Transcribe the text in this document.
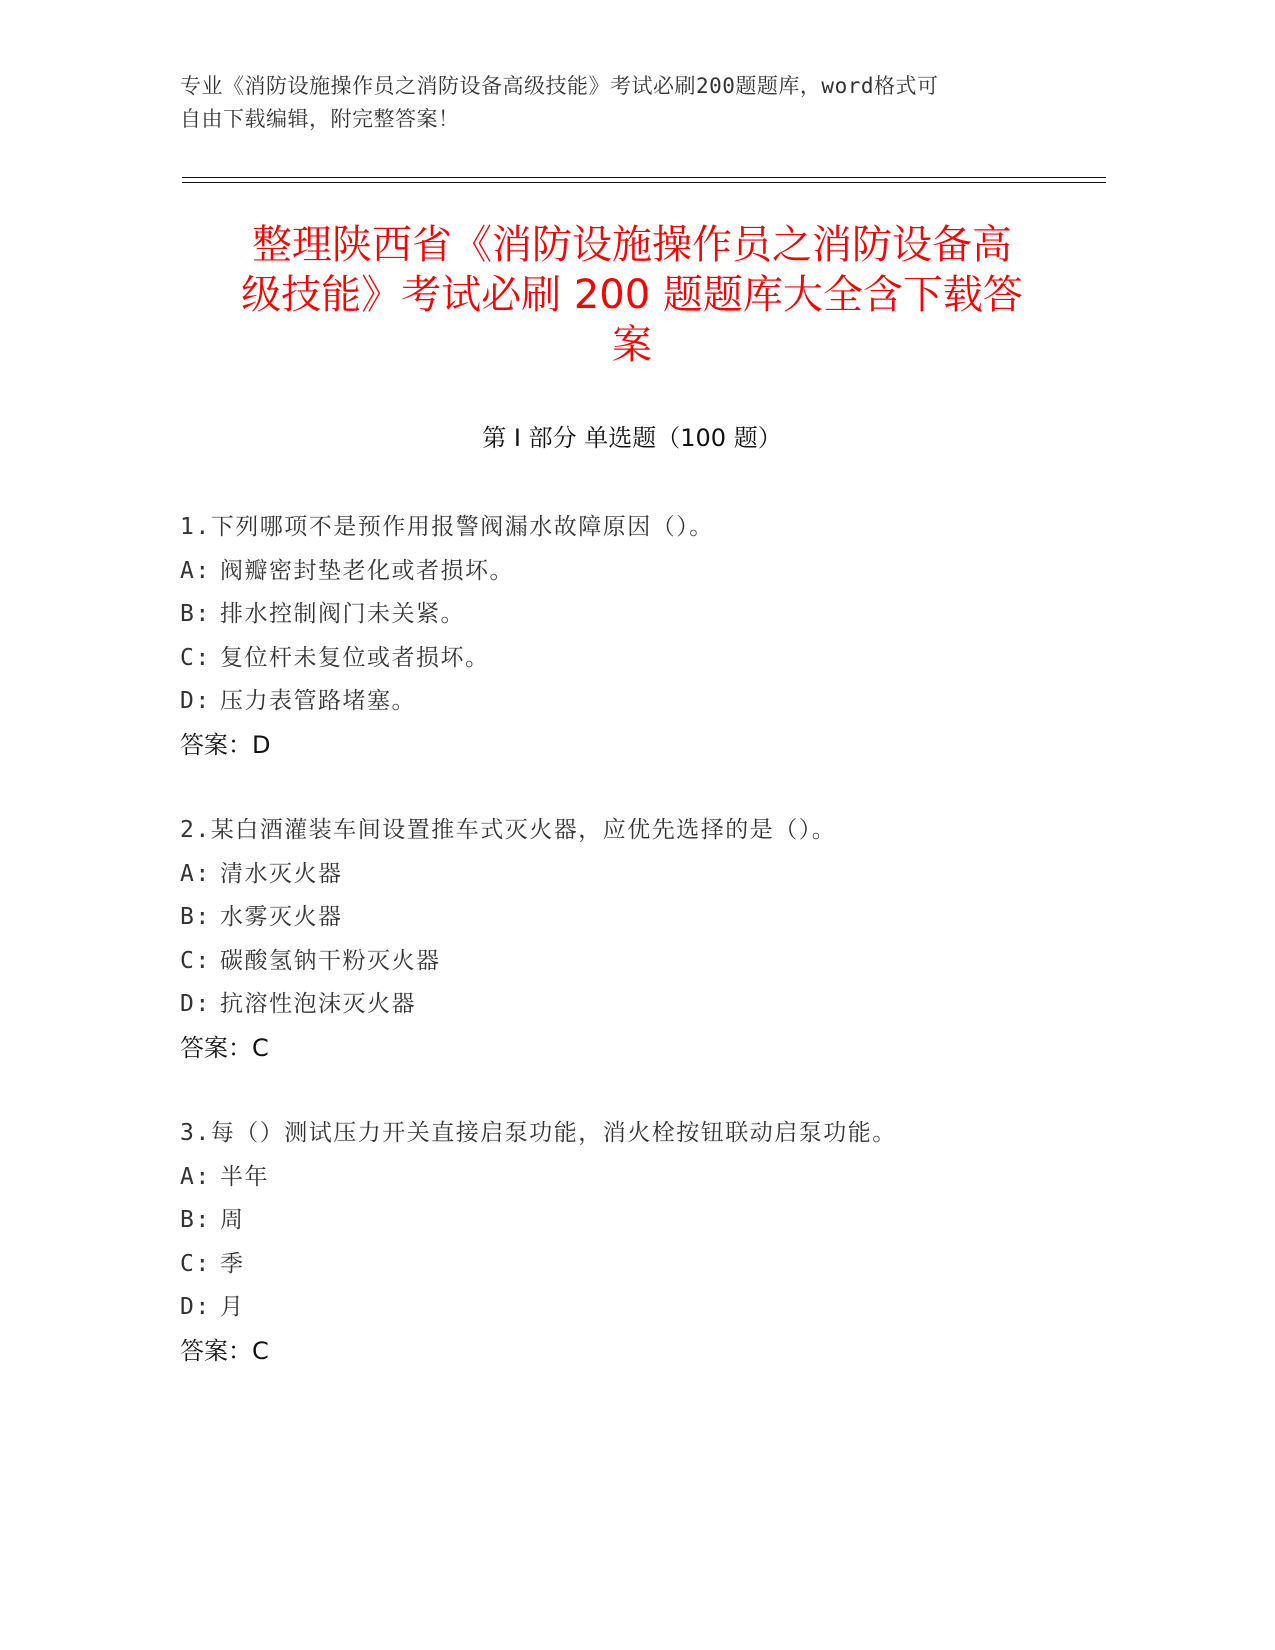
专业《消防设施操作员之消防设备高级技能》考试必刷200题题库，word格式可
自由下载编辑，附完整答案！
整理陕西省《消防设施操作员之消防设备高
级技能》考试必刷 200 题题库大全含下载答
案
第 I 部分 单选题（100 题）
1.下列哪项不是预作用报警阀漏水故障原因（）。
A: 阀瓣密封垫老化或者损坏。
B: 排水控制阀门未关紧。
C: 复位杆未复位或者损坏。
D: 压力表管路堵塞。
答案：D
2.某白酒灌装车间设置推车式灭火器，应优先选择的是（）。
A: 清水灭火器
B: 水雾灭火器
C: 碳酸氢钠干粉灭火器
D: 抗溶性泡沫灭火器
答案：C
3.每（）测试压力开关直接启泵功能，消火栓按钮联动启泵功能。
A: 半年
B: 周
C: 季
D: 月
答案：C
